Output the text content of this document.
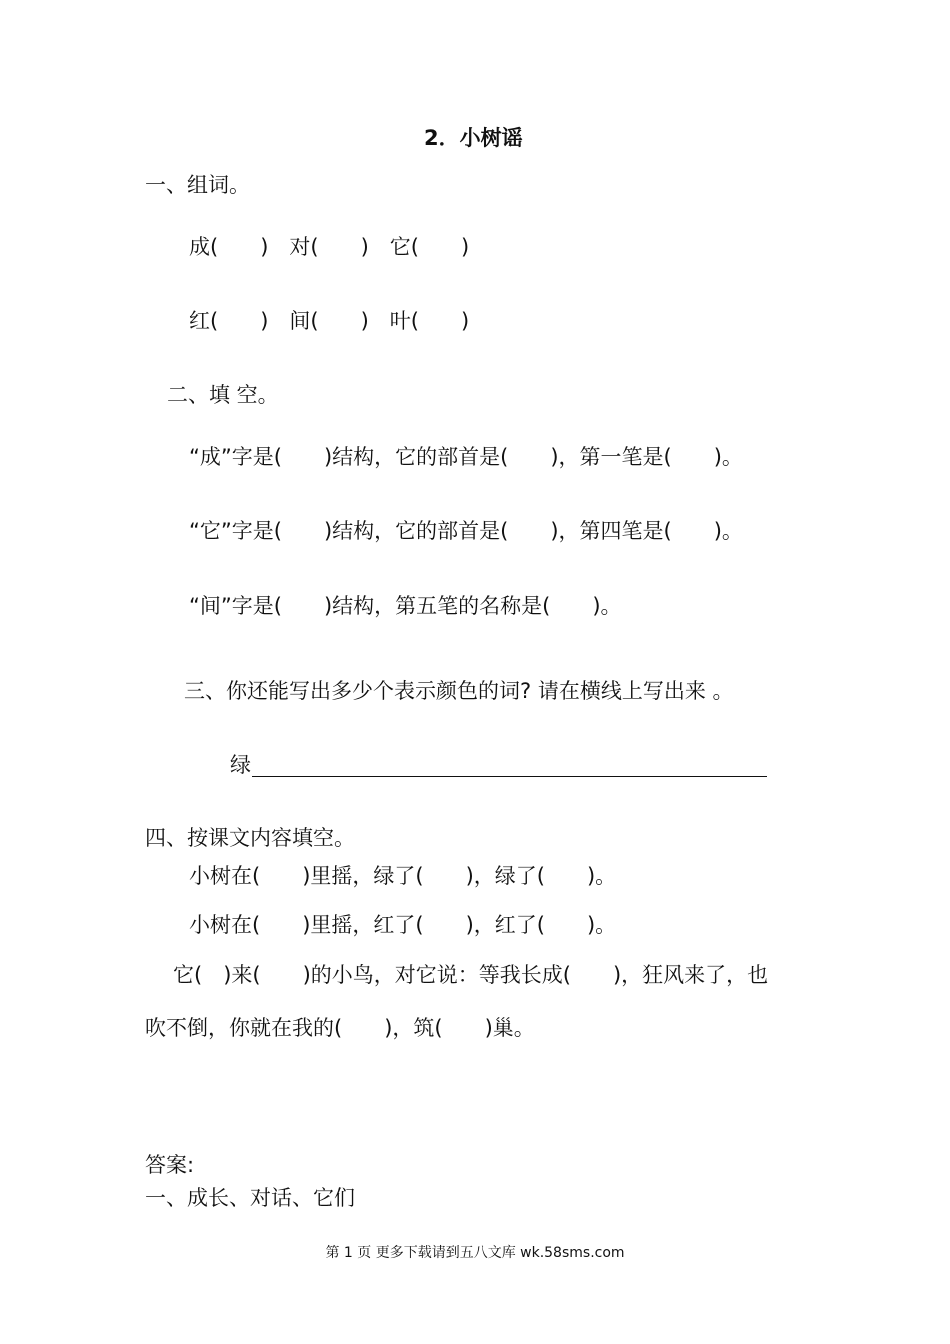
2．小树谣
一、组词。
成(　　)　对(　　)　它(　　)
红(　　)　间(　　)　叶(　　)
二、填 空。
“成”字是(　　)结构，它的部首是(　　)，第一笔是(　　)。
“它”字是(　　)结构，它的部首是(　　)，第四笔是(　　)。
“间”字是(　　)结构，第五笔的名称是(　　)。
三、你还能写出多少个表示颜色的词? 请在横线上写出来 。
绿
四、按课文内容填空。
小树在(　　)里摇，绿了(　　)，绿了(　　)。
小树在(　　)里摇，红了(　　)，红了(　　)。
它(　)来(　　)的小鸟，对它说：等我长成(　　)，狂风来了，也
吹不倒，你就在我的(　　)，筑(　　)巢。
答案:
一、成长、对话、它们
第 1 页 更多下载请到五八文库 wk.58sms.com
